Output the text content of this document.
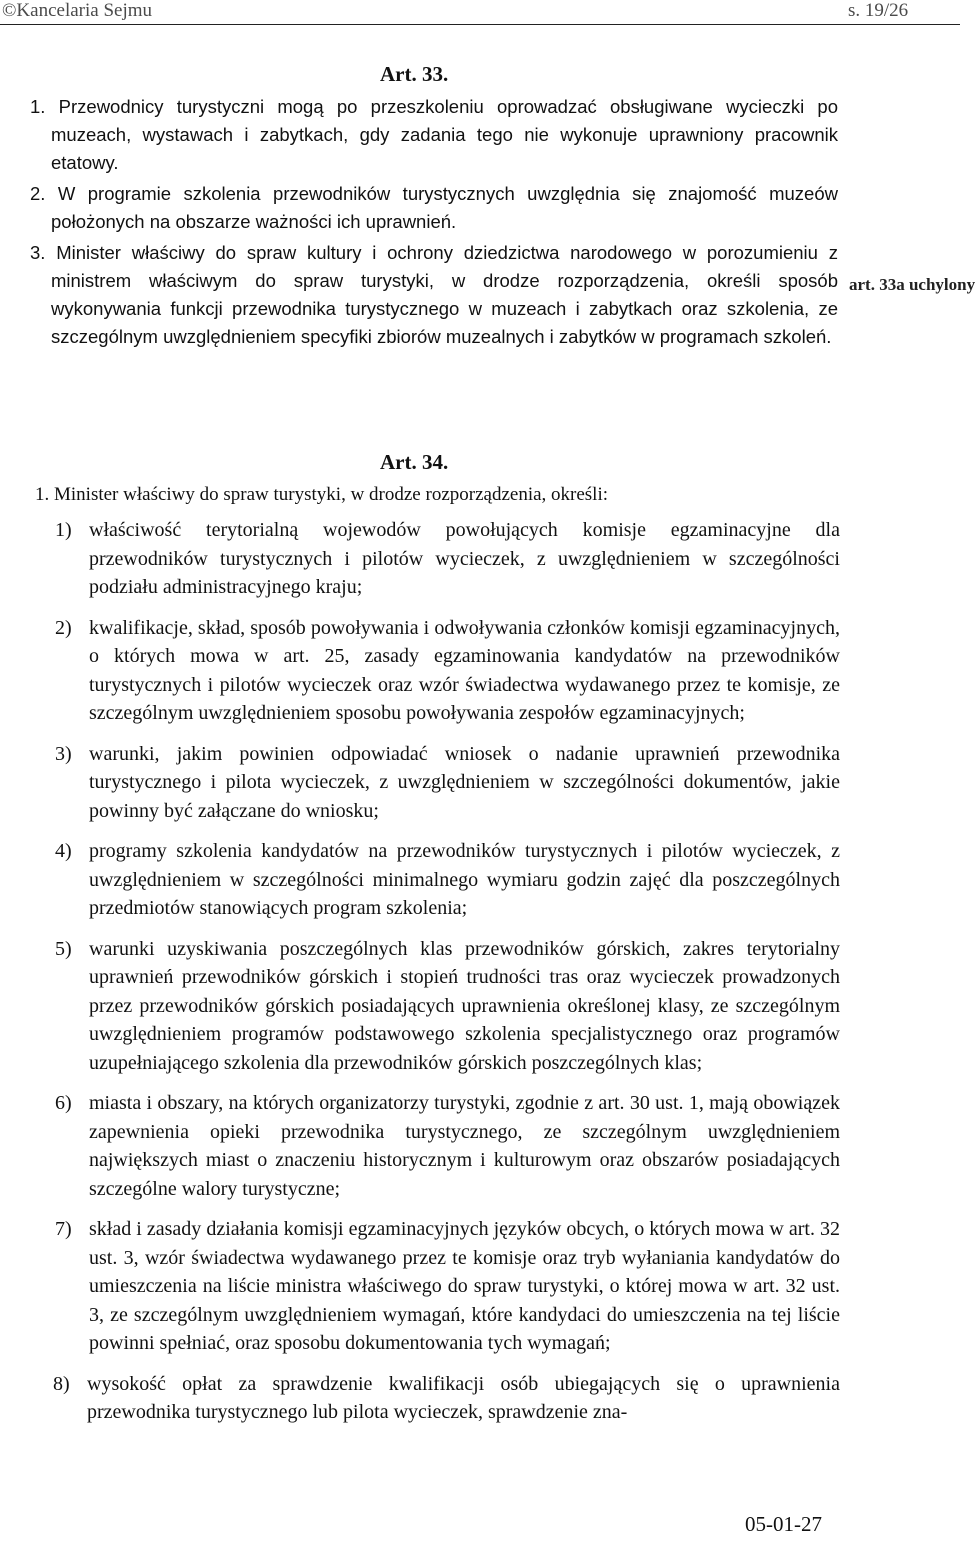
©Kancelaria Sejmu	s. 19/26
Art. 33.
1. Przewodnicy turystyczni mogą po przeszkoleniu oprowadzać obsługiwane wycieczki po muzeach, wystawach i zabytkach, gdy zadania tego nie wykonuje uprawniony pracownik etatowy.
2. W programie szkolenia przewodników turystycznych uwzględnia się znajomość muzeów położonych na obszarze ważności ich uprawnień.
3. Minister właściwy do spraw kultury i ochrony dziedzictwa narodowego w porozumieniu z ministrem właściwym do spraw turystyki, w drodze rozporządzenia, określi sposób wykonywania funkcji przewodnika turystycznego w muzeach i zabytkach oraz szkolenia, ze szczególnym uwzględnieniem specyfiki zbiorów muzealnych i zabytków w programach szkoleń.
art. 33a uchylony
Art. 34.
1. Minister właściwy do spraw turystyki, w drodze rozporządzenia, określi:
1) właściwość terytorialną wojewodów powołujących komisje egzaminacyjne dla przewodników turystycznych i pilotów wycieczek, z uwzględnieniem w szczególności podziału administracyjnego kraju;
2) kwalifikacje, skład, sposób powoływania i odwoływania członków komisji egzaminacyjnych, o których mowa w art. 25, zasady egzaminowania kandydatów na przewodników turystycznych i pilotów wycieczek oraz wzór świadectwa wydawanego przez te komisje, ze szczególnym uwzględnieniem sposobu powoływania zespołów egzaminacyjnych;
3) warunki, jakim powinien odpowiadać wniosek o nadanie uprawnień przewodnika turystycznego i pilota wycieczek, z uwzględnieniem w szczególności dokumentów, jakie powinny być załączane do wniosku;
4) programy szkolenia kandydatów na przewodników turystycznych i pilotów wycieczek, z uwzględnieniem w szczególności minimalnego wymiaru godzin zajęć dla poszczególnych przedmiotów stanowiących program szkolenia;
5) warunki uzyskiwania poszczególnych klas przewodników górskich, zakres terytorialny uprawnień przewodników górskich i stopień trudności tras oraz wycieczek prowadzonych przez przewodników górskich posiadających uprawnienia określonej klasy, ze szczególnym uwzględnieniem programów podstawowego szkolenia specjalistycznego oraz programów uzupełniającego szkolenia dla przewodników górskich poszczególnych klas;
6) miasta i obszary, na których organizatorzy turystyki, zgodnie z art. 30 ust. 1, mają obowiązek zapewnienia opieki przewodnika turystycznego, ze szczególnym uwzględnieniem największych miast o znaczeniu historycznym i kulturowym oraz obszarów posiadających szczególne walory turystyczne;
7) skład i zasady działania komisji egzaminacyjnych języków obcych, o których mowa w art. 32 ust. 3, wzór świadectwa wydawanego przez te komisje oraz tryb wyłaniania kandydatów do umieszczenia na liście ministra właściwego do spraw turystyki, o której mowa w art. 32 ust. 3, ze szczególnym uwzględnieniem wymagań, które kandydaci do umieszczenia na tej liście powinni spełniać, oraz sposobu dokumentowania tych wymagań;
8) wysokość opłat za sprawdzenie kwalifikacji osób ubiegających się o uprawnienia przewodnika turystycznego lub pilota wycieczek, sprawdzenie zna-
05-01-27
